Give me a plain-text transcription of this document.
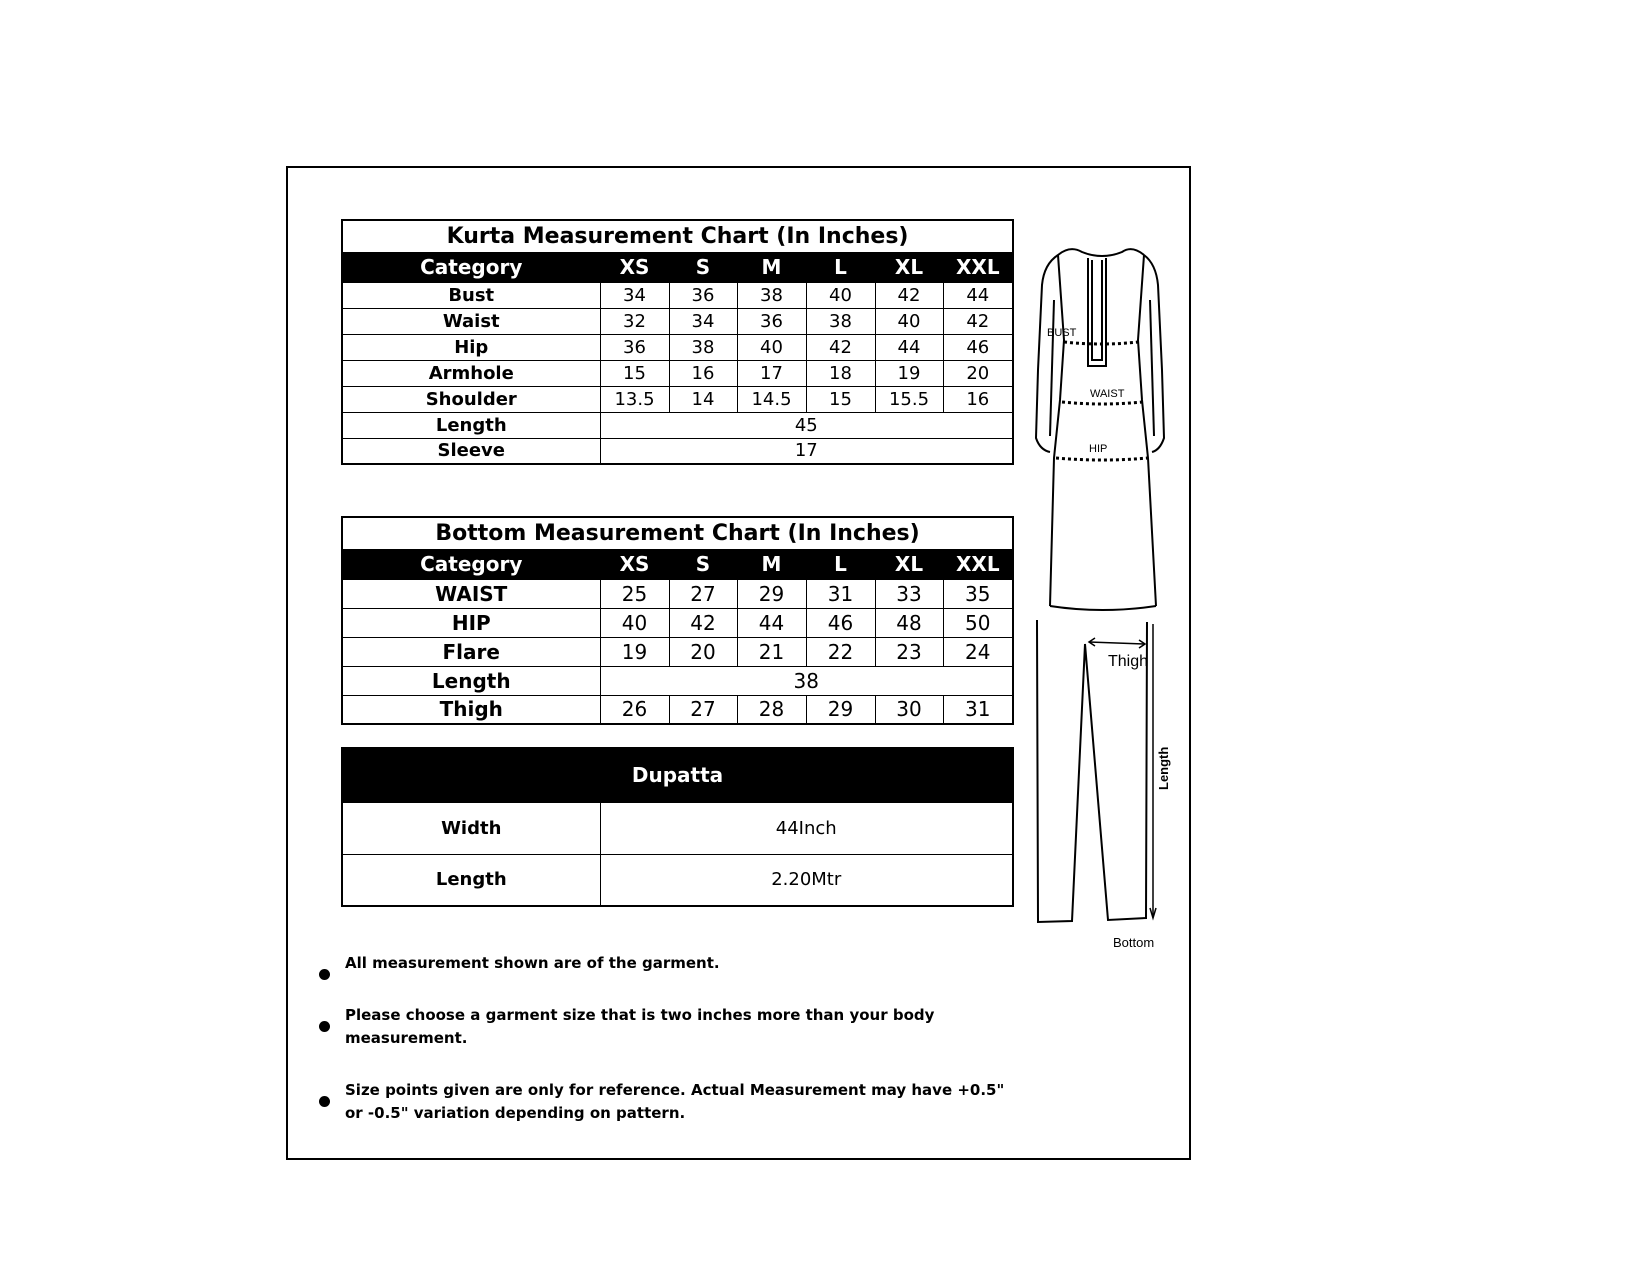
Kurta Measurement Chart (In Inches)						
Category	XS	S	M	L	XL	XXL
Bust	34	36	38	40	42	44
Waist	32	34	36	38	40	42
Hip	36	38	40	42	44	46
Armhole	15	16	17	18	19	20
Shoulder	13.5	14	14.5	15	15.5	16
Length	45					
Sleeve	17					
Bottom Measurement Chart (In Inches)						
Category	XS	S	M	L	XL	XXL
WAIST	25	27	29	31	33	35
HIP	40	42	44	46	48	50
Flare	19	20	21	22	23	24
Length	38					
Thigh	26	27	28	29	30	31
Dupatta	
Width	44Inch
Length	2.20Mtr
All measurement shown are of the garment.
Please choose a garment size that is two inches more than your body measurement.
Size points given are only for reference. Actual Measurement may have +0.5" or -0.5" variation depending on pattern.
BUST
WAIST
HIP
Thigh
Length
Bottom
